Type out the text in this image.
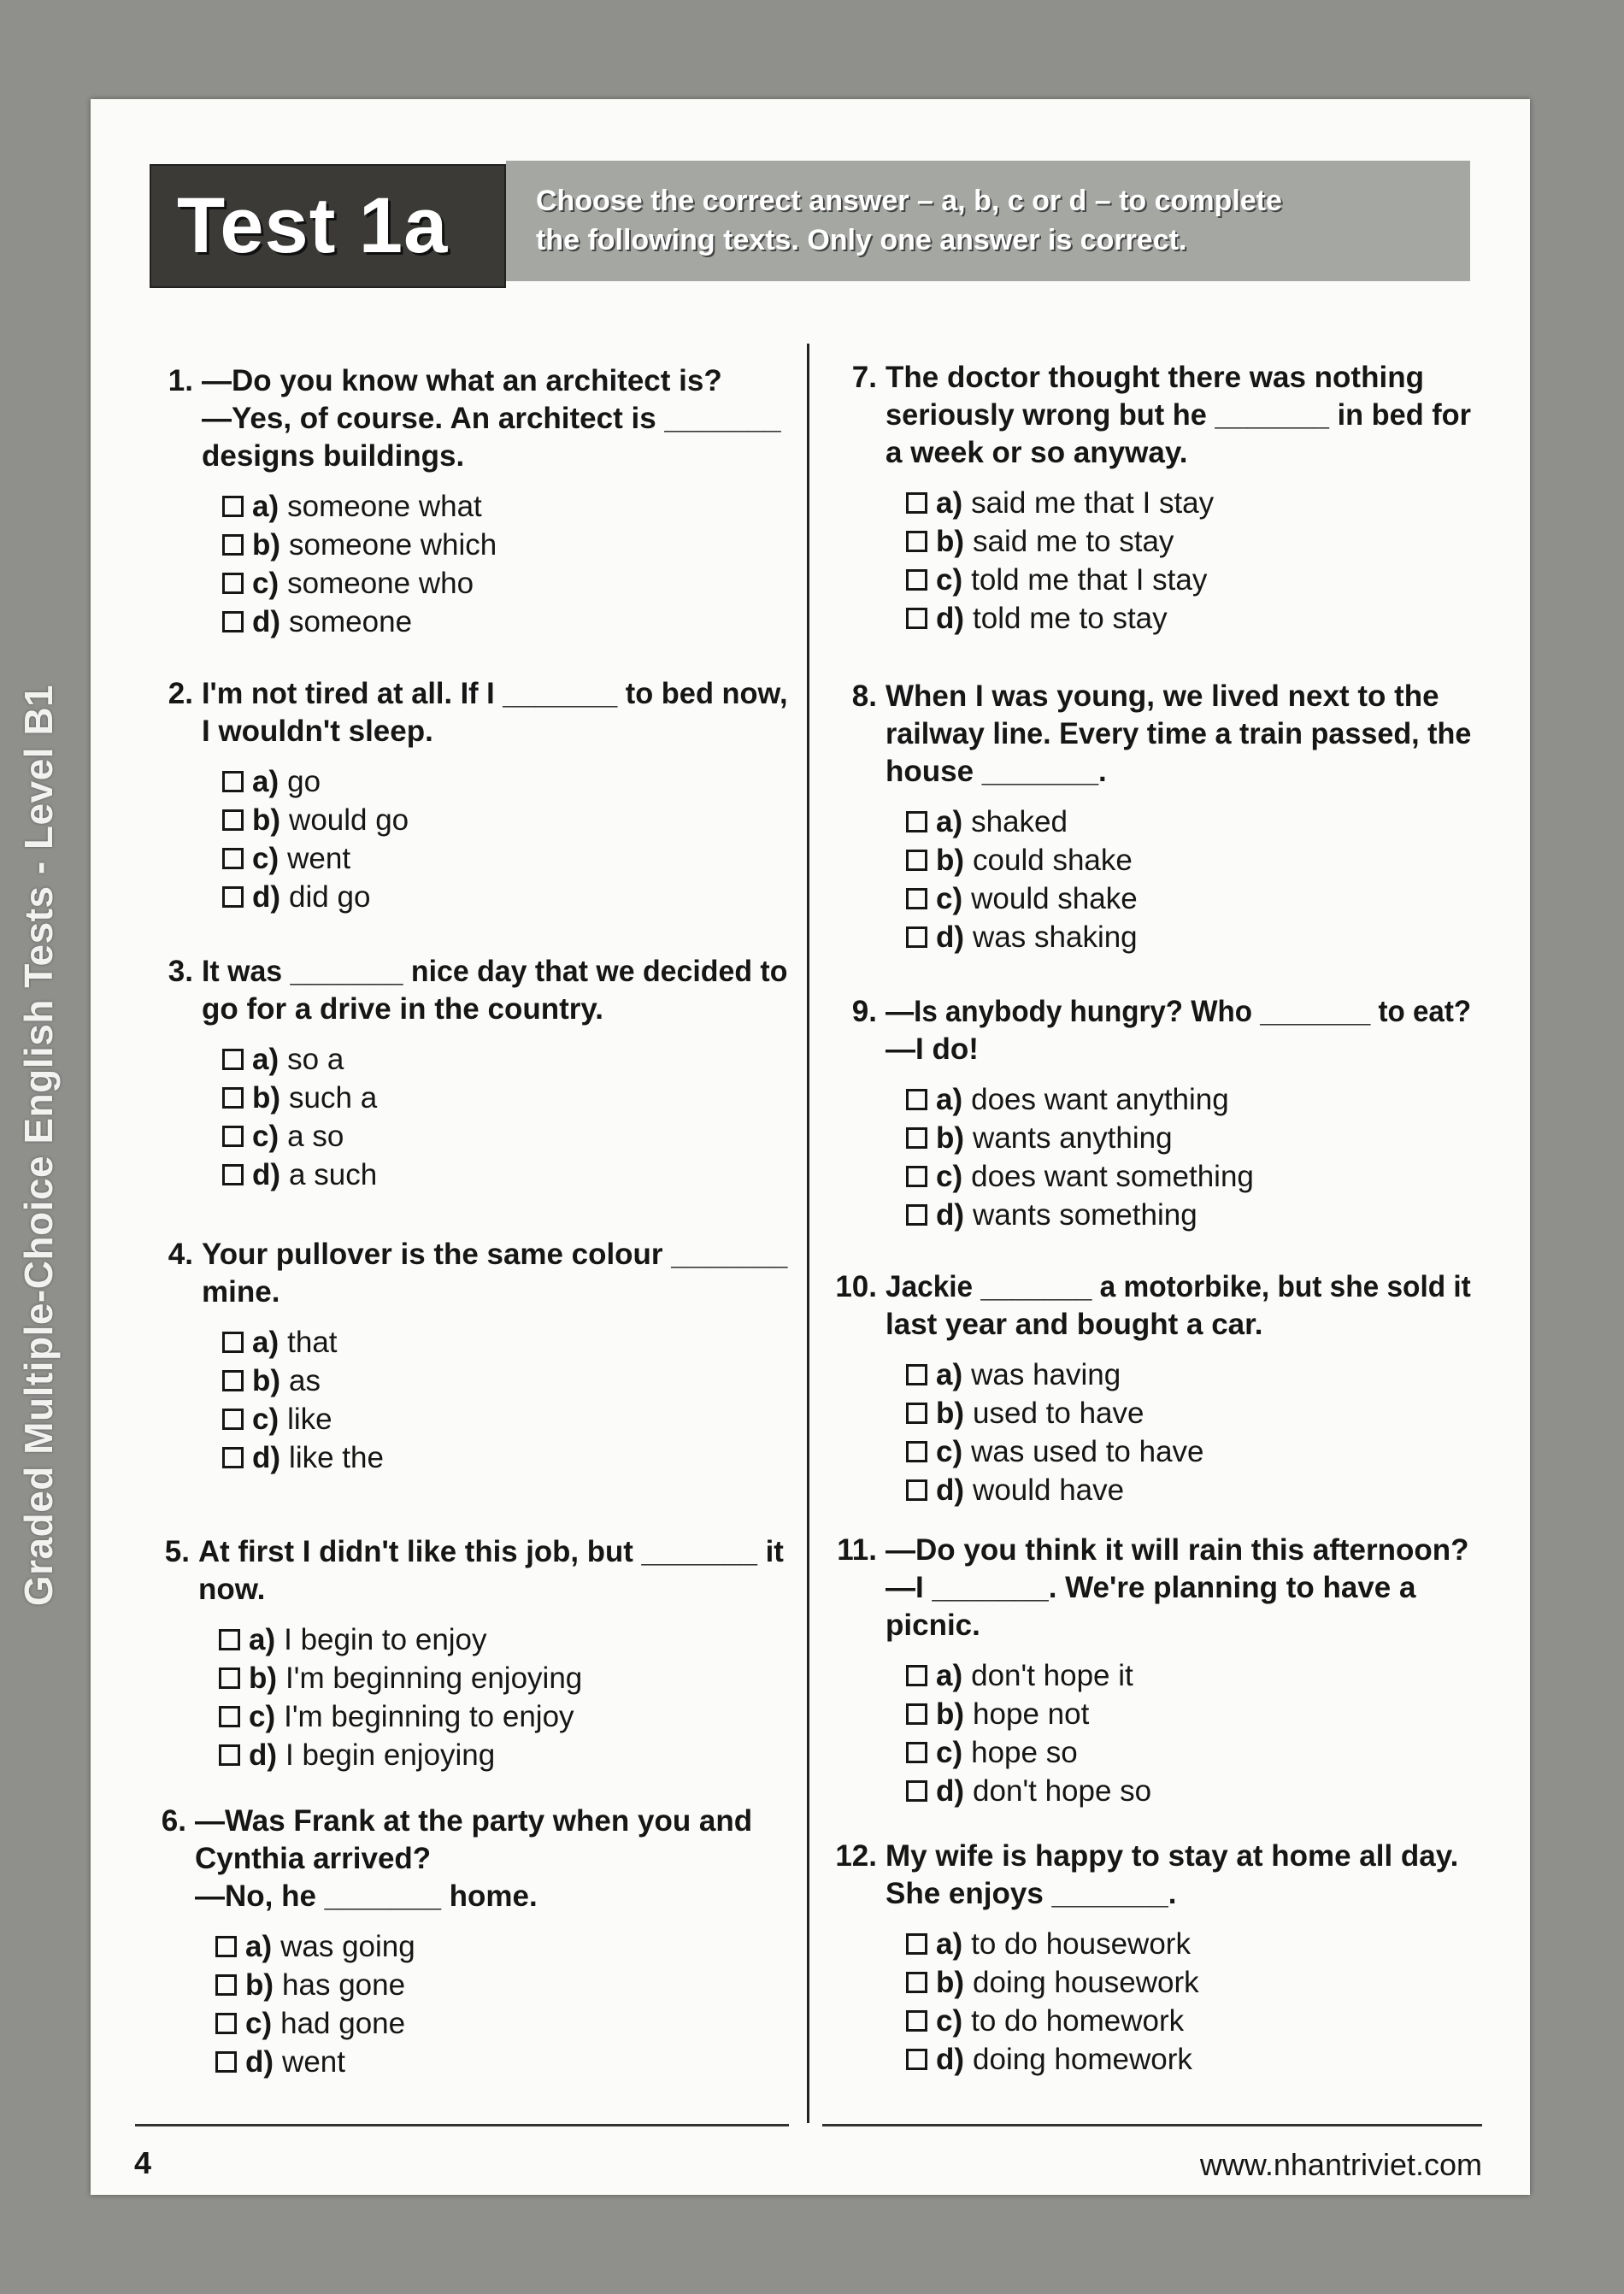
Graded Multiple-Choice English Tests - Level B1
Test 1a	Choose the correct answer – a, b, c or d – to complete
the following texts. Only one answer is correct.
1. —Do you know what an architect is?
—Yes, of course. An architect is _______
designs buildings.
a) someone what
b) someone which
c) someone who
d) someone
2. I'm not tired at all. If I _______ to bed now,
I wouldn't sleep.
a) go
b) would go
c) went
d) did go
3. It was _______ nice day that we decided to
go for a drive in the country.
a) so a
b) such a
c) a so
d) a such
4. Your pullover is the same colour _______
mine.
a) that
b) as
c) like
d) like the
5. At first I didn't like this job, but _______ it
now.
a) I begin to enjoy
b) I'm beginning enjoying
c) I'm beginning to enjoy
d) I begin enjoying
6. —Was Frank at the party when you and
Cynthia arrived?
—No, he _______ home.
a) was going
b) has gone
c) had gone
d) went
7. The doctor thought there was nothing
seriously wrong but he _______ in bed for
a week or so anyway.
a) said me that I stay
b) said me to stay
c) told me that I stay
d) told me to stay
8. When I was young, we lived next to the
railway line. Every time a train passed, the
house _______.
a) shaked
b) could shake
c) would shake
d) was shaking
9. —Is anybody hungry? Who _______ to eat?
—I do!
a) does want anything
b) wants anything
c) does want something
d) wants something
10. Jackie _______ a motorbike, but she sold it
last year and bought a car.
a) was having
b) used to have
c) was used to have
d) would have
11. —Do you think it will rain this afternoon?
—I _______. We're planning to have a
picnic.
a) don't hope it
b) hope not
c) hope so
d) don't hope so
12. My wife is happy to stay at home all day.
She enjoys _______.
a) to do housework
b) doing housework
c) to do homework
d) doing homework
4	www.nhantriviet.com
